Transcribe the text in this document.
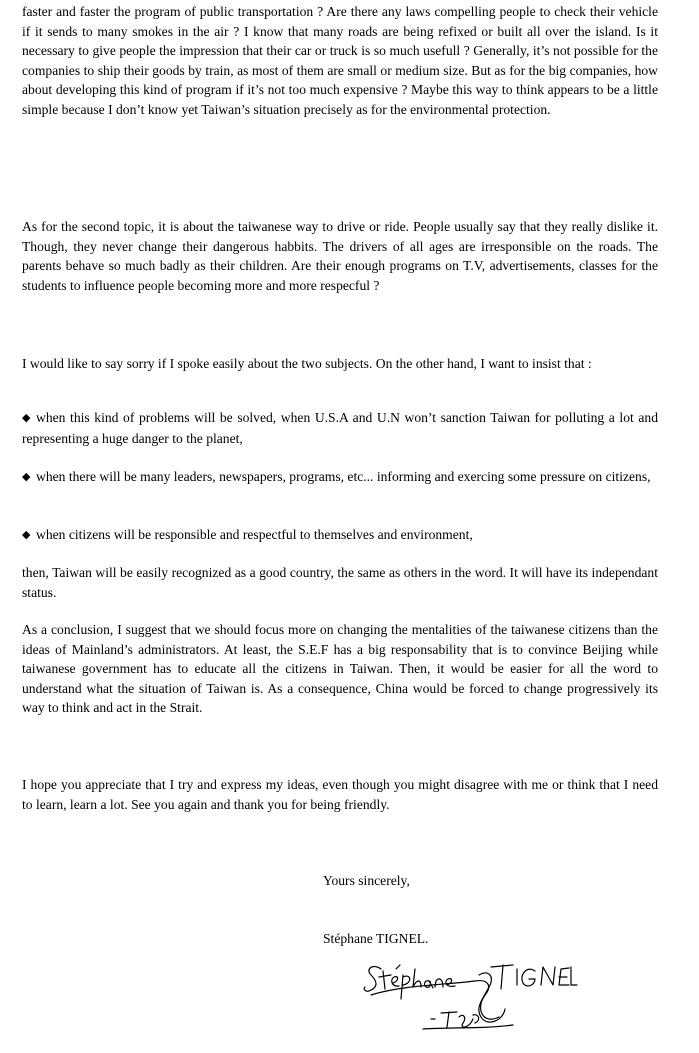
faster and faster the program of public transportation ? Are there any laws compelling people to check their vehicle if it sends to many smokes in the air ? I know that many roads are being refixed or built all over the island. Is it necessary to give people the impression that their car or truck is so much usefull ? Generally, it’s not possible for the companies to ship their goods by train, as most of them are small or medium size. But as for the big companies, how about developing this kind of program if it’s not too much expensive ? Maybe this way to think appears to be a little simple because I don’t know yet Taiwan’s situation precisely as for the environmental protection.

As for the second topic, it is about the taiwanese way to drive or ride. People usually say that they really dislike it. Though, they never change their dangerous habbits. The drivers of all ages are irresponsible on the roads. The parents behave so much badly as their children. Are their enough programs on T.V, advertisements, classes for the students to influence people becoming more and more respecful ?

I would like to say sorry if I spoke easily about the two subjects. On the other hand, I want to insist that :

◆ when this kind of problems will be solved, when U.S.A and U.N won’t sanction Taiwan for polluting a lot and representing a huge danger to the planet,

◆ when there will be many leaders, newspapers, programs, etc... informing and exercing some pressure on citizens,

◆ when citizens will be responsible and respectful to themselves and environment,

then, Taiwan will be easily recognized as a good country, the same as others in the word. It will have its independant status.

As a conclusion, I suggest that we should focus more on changing the mentalities of the taiwanese citizens than the ideas of Mainland’s administrators. At least, the S.E.F has a big responsability that is to convince Beijing while taiwanese government has to educate all the citizens in Taiwan. Then, it would be easier for all the word to understand what the situation of Taiwan is. As a consequence, China would be forced to change progressively its way to think and act in the Strait.

I hope you appreciate that I try and express my ideas, even though you might disagree with me or think that I need to learn, learn a lot. See you again and thank you for being friendly.

Yours sincerely,

Stéphane TIGNEL.
